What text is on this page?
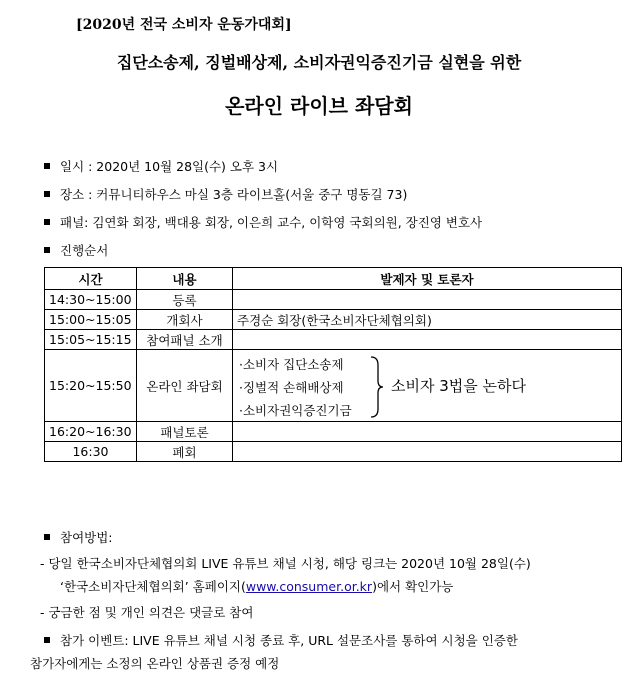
[2020년 전국 소비자 운동가대회]
집단소송제, 징벌배상제, 소비자권익증진기금 실현을 위한
온라인 라이브 좌담회
일시 : 2020년 10월 28일(수) 오후 3시
장소 : 커뮤니티하우스 마실 3층 라이브홀(서울 중구 명동길 73)
패널: 김연화 회장, 백대용 회장, 이은희 교수, 이학영 국회의원, 장진영 변호사
진행순서
시간	내용	발제자 및 토론자
14:30~15:00	등록	
15:00~15:05	개회사	주경순 회장(한국소비자단체협의회)
15:05~15:15	참여패널 소개	
15:20~15:50	온라인 좌담회	·소비자 집단소송제
·징벌적 손해배상제
·소비자권익증진기금
소비자 3법을 논하다

16:20~16:30	패널토론	
16:30	폐회	
참여방법:
- 당일 한국소비자단체협의회 LIVE 유튜브 채널 시청, 해당 링크는 2020년 10월 28일(수)
‘한국소비자단체협의회’ 홈페이지(www.consumer.or.kr)에서 확인가능
- 궁금한 점 및 개인 의견은 댓글로 참여
참가 이벤트: LIVE 유튜브 채널 시청 종료 후, URL 설문조사를 통하여 시청을 인증한
참가자에게는 소정의 온라인 상품권 증정 예정
